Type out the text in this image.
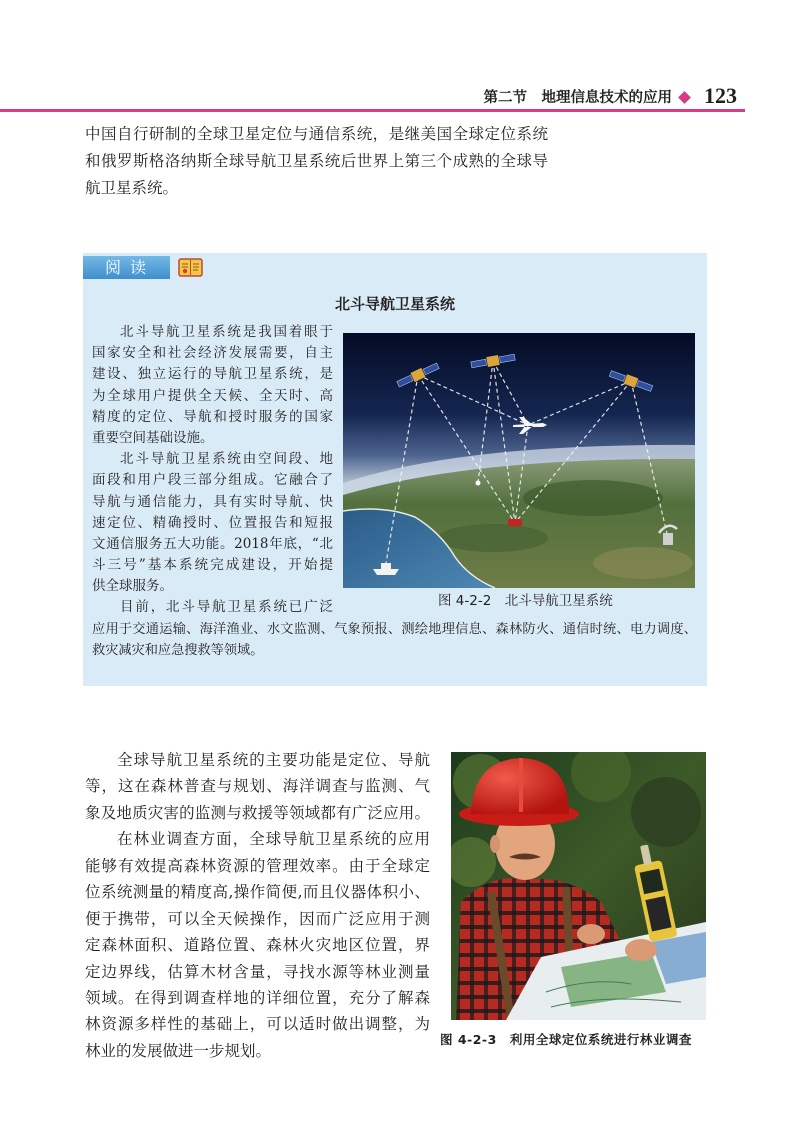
第二节　地理信息技术的应用 123
中国自行研制的全球卫星定位与通信系统，是继美国全球定位系统
和俄罗斯格洛纳斯全球导航卫星系统后世界上第三个成熟的全球导
航卫星系统。
阅 读
北斗导航卫星系统
北斗导航卫星系统是我国着眼于
国家安全和社会经济发展需要，自主
建设、独立运行的导航卫星系统，是
为全球用户提供全天候、全天时、高
精度的定位、导航和授时服务的国家
重要空间基础设施。
北斗导航卫星系统由空间段、地
面段和用户段三部分组成。它融合了
导航与通信能力，具有实时导航、快
速定位、精确授时、位置报告和短报
文通信服务五大功能。2018年底，“北
斗三号”基本系统完成建设，开始提
供全球服务。
目前，北斗导航卫星系统已广泛
应用于交通运输、海洋渔业、水文监测、气象预报、测绘地理信息、森林防火、通信时统、电力调度、
救灾减灾和应急搜救等领域。
图 4-2-2　北斗导航卫星系统
全球导航卫星系统的主要功能是定位、导航
等，这在森林普查与规划、海洋调查与监测、气
象及地质灾害的监测与救援等领域都有广泛应用。
在林业调查方面，全球导航卫星系统的应用
能够有效提高森林资源的管理效率。由于全球定
位系统测量的精度高,操作简便,而且仪器体积小、
便于携带，可以全天候操作，因而广泛应用于测
定森林面积、道路位置、森林火灾地区位置，界
定边界线，估算木材含量，寻找水源等林业测量
领域。在得到调查样地的详细位置，充分了解森
林资源多样性的基础上，可以适时做出调整，为
林业的发展做进一步规划。
图 4-2-3　利用全球定位系统进行林业调查
